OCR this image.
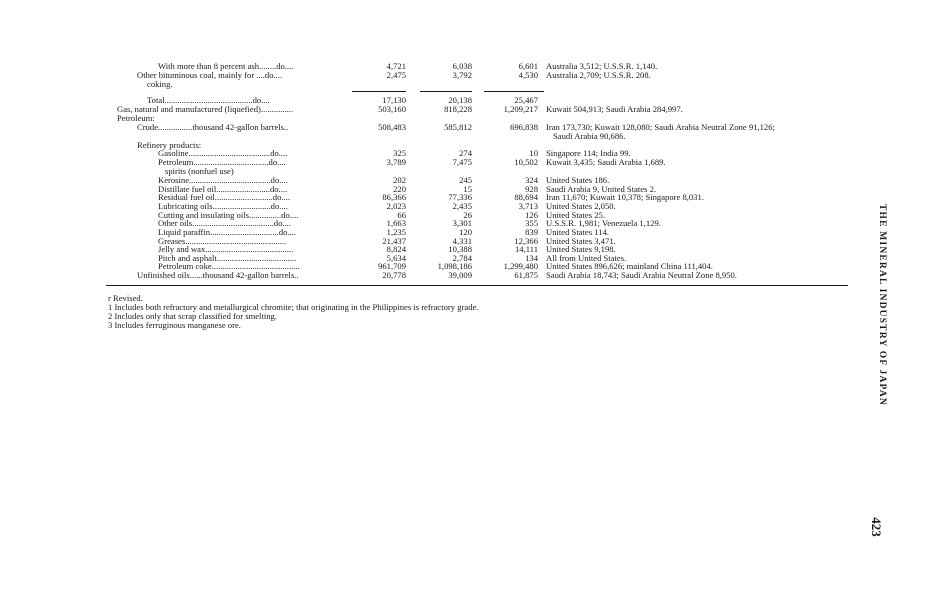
With more than 8 percent ash........do....	4,721	6,038	6,601 Australia 3,512; U.S.S.R. 1,140.
Other bituminous coal, mainly for ....do....	2,475	3,792	4,530 Australia 2,709; U.S.S.R. 208.
coking.
Total.........................................do....	17,130	20,138	25,467
Gas, natural and manufactured (liquefied)...............	503,160	818,228	1,209,217 Kuwait 504,913; Saudi Arabia 284,997.
Petroleum:
Crude................thousand 42-gallon barrels..	508,483	585,812	696,838 Iran 173,730; Kuwait 128,080; Saudi Arabia Neutral Zone 91,126;
Saudi Arabia 90,686.
Refinery products:
Gasoline......................................do....	325	274	10 Singapore 114; India 99.
Petroleum...................................do....	3,789	7,475	10,502 Kuwait 3,435; Saudi Arabia 1,689.
spirits (nonfuel use)
Kerosine......................................do....	202	245	324 United States 186.
Distillate fuel oil.........................do....	220	15	928 Saudi Arabia 9, United States 2.
Residual fuel oil...........................do....	86,366	77,336	88,694 Iran 11,670; Kuwait 10,378; Singapore 8,031.
Lubricating oils...........................do....	2,023	2,435	3,713 United States 2,050.
Cutting and insulating oils...............do....	66	26	126 United States 25.
Other oils......................................do....	1,663	3,301	355 U.S.S.R. 1,981; Venezuela 1,129.
Liquid paraffin................................do....	1,235	120	839 United States 114.
Greases...............................................	21,437	4,331	12,366 United States 3,471.
Jelly and wax.........................................	8,824	10,388	14,111 United States 9,198.
Pitch and asphalt.....................................	5,634	2,784	134 All from United States.
Petroleum coke.........................................	961,709	1,098,186	1,299,480 United States 896,626; mainland China 111,404.
Unfinished oils......thousand 42-gallon barrels..	20,778	39,009	61,875 Saudi Arabia 18,743; Saudi Arabia Neutral Zone 8,950.
r Revised.
1 Includes both refractory and metallurgical chromite; that originating in the Philippines is refractory grade.
2 Includes only that scrap classified for smelting.
3 Includes ferruginous manganese ore.	THE MINERAL INDUSTRY OF JAPAN
423
